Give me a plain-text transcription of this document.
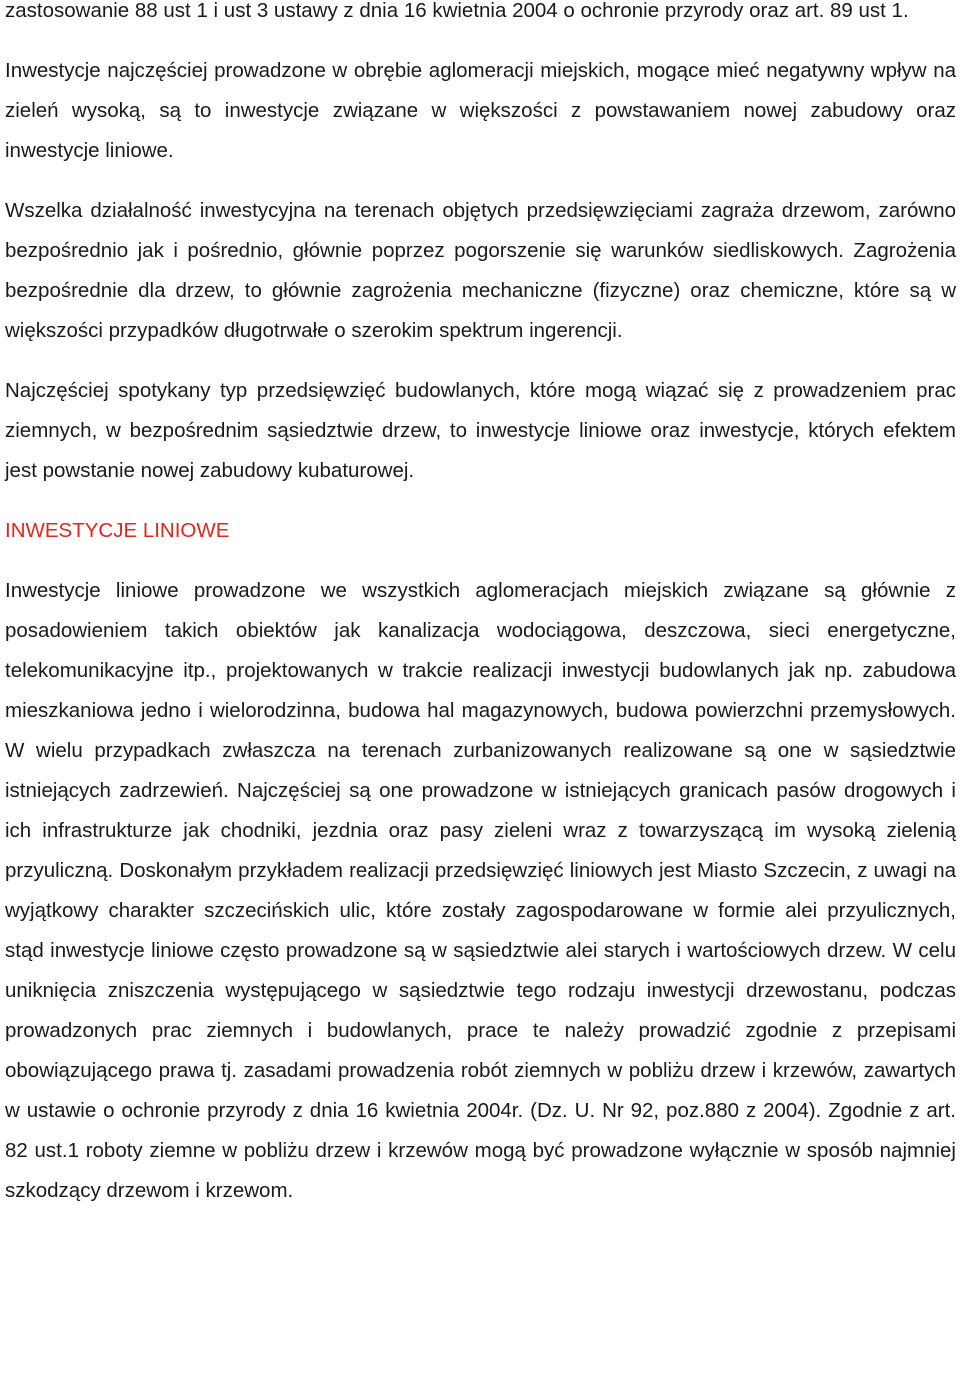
zastosowanie 88 ust 1 i ust 3 ustawy z dnia 16 kwietnia 2004 o ochronie przyrody oraz art. 89 ust 1.

Inwestycje najczęściej prowadzone w obrębie aglomeracji miejskich, mogące mieć negatywny wpływ na zieleń wysoką, są to inwestycje związane w większości z powstawaniem nowej zabudowy oraz inwestycje liniowe.

Wszelka działalność inwestycyjna na terenach objętych przedsięwzięciami zagraża drzewom, zarówno bezpośrednio jak i pośrednio, głównie poprzez pogorszenie się warunków siedliskowych. Zagrożenia bezpośrednie dla drzew, to głównie zagrożenia mechaniczne (fizyczne) oraz chemiczne, które są w większości przypadków długotrwałe o szerokim spektrum ingerencji.

Najczęściej spotykany typ przedsięwzięć budowlanych, które mogą wiązać się z prowadzeniem prac ziemnych, w bezpośrednim sąsiedztwie drzew, to inwestycje liniowe oraz inwestycje, których efektem jest powstanie nowej zabudowy kubaturowej.

INWESTYCJE LINIOWE

Inwestycje liniowe prowadzone we wszystkich aglomeracjach miejskich związane są głównie z posadowieniem takich obiektów jak kanalizacja wodociągowa, deszczowa, sieci energetyczne, telekomunikacyjne itp., projektowanych w trakcie realizacji inwestycji budowlanych jak np. zabudowa mieszkaniowa jedno i wielorodzinna, budowa hal magazynowych, budowa powierzchni przemysłowych. W wielu przypadkach zwłaszcza na terenach zurbanizowanych realizowane są one w sąsiedztwie istniejących zadrzewień. Najczęściej są one prowadzone w istniejących granicach pasów drogowych i ich infrastrukturze jak chodniki, jezdnia oraz pasy zieleni wraz z towarzyszącą im wysoką zielenią przyuliczną. Doskonałym przykładem realizacji przedsięwzięć liniowych jest Miasto Szczecin, z uwagi na wyjątkowy charakter szczecińskich ulic, które zostały zagospodarowane w formie alei przyulicznych, stąd inwestycje liniowe często prowadzone są w sąsiedztwie alei starych i wartościowych drzew. W celu uniknięcia zniszczenia występującego w sąsiedztwie tego rodzaju inwestycji drzewostanu, podczas prowadzonych prac ziemnych i budowlanych, prace te należy prowadzić zgodnie z przepisami obowiązującego prawa tj. zasadami prowadzenia robót ziemnych w pobliżu drzew i krzewów, zawartych w ustawie o ochronie przyrody z dnia 16 kwietnia 2004r. (Dz. U. Nr 92, poz.880 z 2004). Zgodnie z art. 82 ust.1 roboty ziemne w pobliżu drzew i krzewów mogą być prowadzone wyłącznie w sposób najmniej szkodzący drzewom i krzewom.
